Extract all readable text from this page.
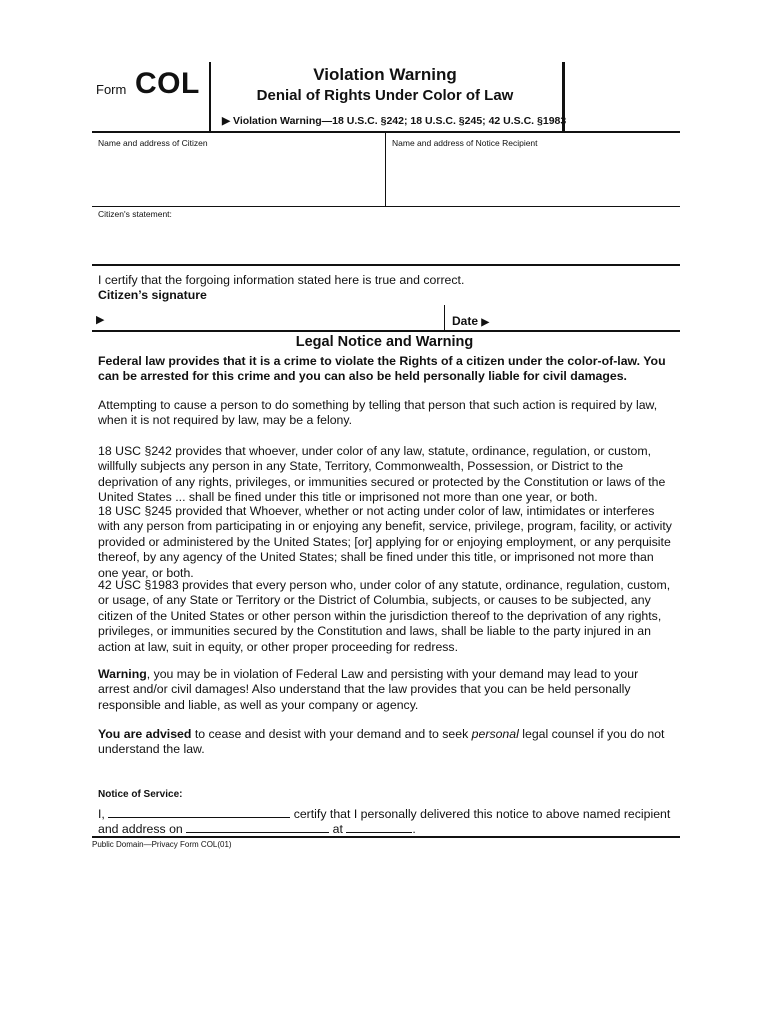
Form COL	Violation Warning
Denial of Rights Under Color of Law
▶ Violation Warning—18 U.S.C. §242; 18 U.S.C. §245; 42 U.S.C. §1983
Name and address of Citizen	Name and address of Notice Recipient
Citizen's statement:
I certify that the forgoing information stated here is true and correct.
Citizen’s signature
▶	Date ▶
Legal Notice and Warning
Federal law provides that it is a crime to violate the Rights of a citizen under the color-of-law. You can be arrested for this crime and you can also be held personally liable for civil damages.
Attempting to cause a person to do something by telling that person that such action is required by law, when it is not required by law, may be a felony.
18 USC §242 provides that whoever, under color of any law, statute, ordinance, regulation, or custom, willfully subjects any person in any State, Territory, Commonwealth, Possession, or District to the deprivation of any rights, privileges, or immunities secured or protected by the Constitution or laws of the United States ... shall be fined under this title or imprisoned not more than one year, or both.
18 USC §245 provided that Whoever, whether or not acting under color of law, intimidates or interferes with any person from participating in or enjoying any benefit, service, privilege, program, facility, or activity provided or administered by the United States; [or] applying for or enjoying employment, or any perquisite thereof, by any agency of the United States; shall be fined under this title, or imprisoned not more than one year, or both.
42 USC §1983 provides that every person who, under color of any statute, ordinance, regulation, custom, or usage, of any State or Territory or the District of Columbia, subjects, or causes to be subjected, any citizen of the United States or other person within the jurisdiction thereof to the deprivation of any rights, privileges, or immunities secured by the Constitution and laws, shall be liable to the party injured in an action at law, suit in equity, or other proper proceeding for redress.
Warning, you may be in violation of Federal Law and persisting with your demand may lead to your arrest and/or civil damages! Also understand that the law provides that you can be held personally responsible and liable, as well as your company or agency.
You are advised to cease and desist with your demand and to seek personal legal counsel if you do not understand the law.
Notice of Service:
I,	certify that I personally delivered this notice to above named recipient
and address on	at	.
Public Domain—Privacy Form COL(01)
